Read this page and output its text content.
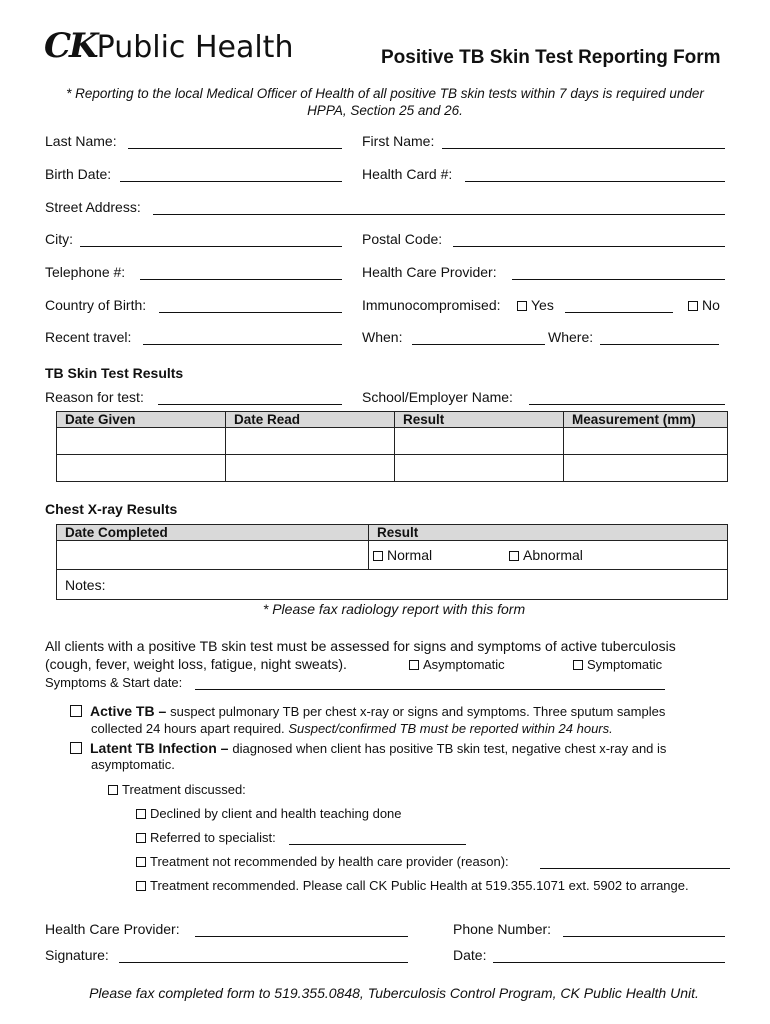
CKPublic Health	Positive TB Skin Test Reporting Form
* Reporting to the local Medical Officer of Health of all positive TB skin tests within 7 days is required under
HPPA, Section 25 and 26.
Last Name:	First Name:
Birth Date:	Health Card #:
Street Address:
City:	Postal Code:
Telephone #:	Health Care Provider:
Country of Birth:	Immunocompromised:	Yes	No
Recent travel:	When:	Where:
TB Skin Test Results
Reason for test:	School/Employer Name:
Date Given	Date Read	Result	Measurement (mm)

Chest X-ray Results
Date Completed	Result
	Normal Abnormal
Notes:	
* Please fax radiology report with this form
All clients with a positive TB skin test must be assessed for signs and symptoms of active tuberculosis
(cough, fever, weight loss, fatigue, night sweats).	Asymptomatic	Symptomatic
Symptoms & Start date:
Active TB – suspect pulmonary TB per chest x-ray or signs and symptoms. Three sputum samples
collected 24 hours apart required. Suspect/confirmed TB must be reported within 24 hours.
Latent TB Infection – diagnosed when client has positive TB skin test, negative chest x-ray and is
asymptomatic.
Treatment discussed:
Declined by client and health teaching done
Referred to specialist:
Treatment not recommended by health care provider (reason):
Treatment recommended. Please call CK Public Health at 519.355.1071 ext. 5902 to arrange.
Health Care Provider:	Phone Number:
Signature:	Date:
Please fax completed form to 519.355.0848, Tuberculosis Control Program, CK Public Health Unit.
